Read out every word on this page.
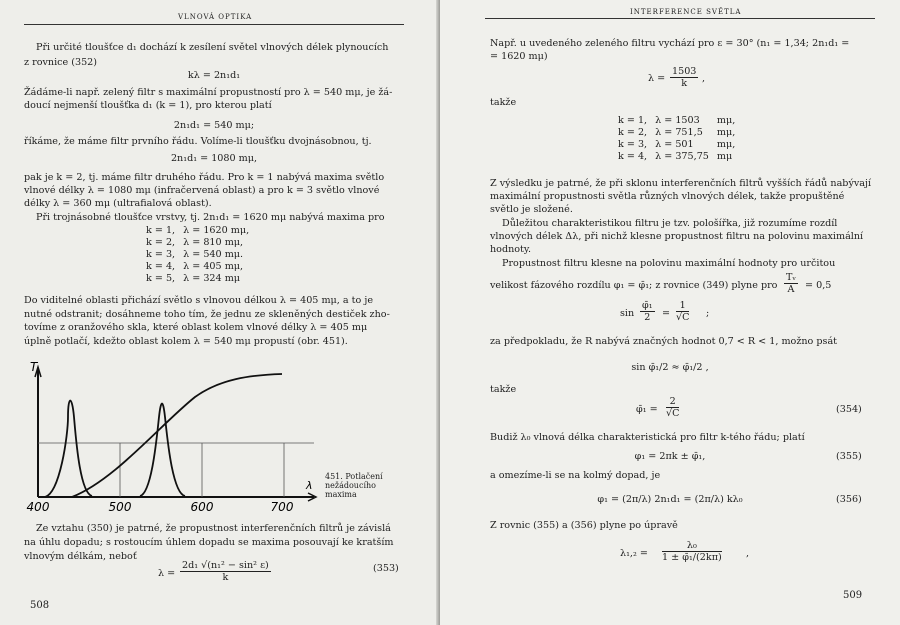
VLNOVÁ OPTIKA
Při určité tloušťce d₁ dochází k zesílení světel vlnových délek plynoucích
z rovnice (352)
kλ = 2n₁d₁
Žádáme-li např. zelený filtr s maximální propustností pro λ = 540 mμ, je žá-
doucí nejmenší tloušťka d₁ (k = 1), pro kterou platí
2n₁d₁ = 540 mμ;
říkáme, že máme filtr prvního řádu. Volíme-li tloušťku dvojnásobnou, tj.
2n₁d₁ = 1080 mμ,
pak je k = 2, tj. máme filtr druhého řádu. Pro k = 1 nabývá maxima světlo
vlnové délky λ = 1080 mμ (infračervená oblast) a pro k = 3 světlo vlnové
délky λ = 360 mμ (ultrafialová oblast).
Při trojnásobné tloušťce vrstvy, tj. 2n₁d₁ = 1620 mμ nabývá maxima pro
k = 1,	λ = 1620 mμ,
k = 2,	λ = 810 mμ,
k = 3,	λ = 540 mμ.
k = 4,	λ = 405 mμ,
k = 5,	λ = 324 mμ
Do viditelné oblasti přichází světlo s vlnovou délkou λ = 405 mμ, a to je
nutné odstranit; dosáhneme toho tím, že jednu ze skleněných destiček zho-
tovíme z oranžového skla, které oblast kolem vlnové délky λ = 405 mμ
úplně potlačí, kdežto oblast kolem λ = 540 mμ propustí (obr. 451).
T
400	500	600	700
λ
451. Potlačení
nežádoucího
maxima
Ze vztahu (350) je patrné, že propustnost interferenčních filtrů je závislá
na úhlu dopadu; s rostoucím úhlem dopadu se maxima posouvají ke kratším
vlnovým délkám, neboť
$\lambda = \frac{\text{2d₁ √(n₁² − sin² ε)}}{k}$	(353)
508
INTERFERENCE SVĚTLA
Např. u uvedeného zeleného filtru vychází pro ε = 30° (n₁ = 1,34; 2n₁d₁ =
= 1620 mμ)
$\lambda = \frac{1503}{k}$ ,
takže
k = 1,	λ = 1503	mμ,
k = 2,	λ = 751,5	mμ,
k = 3,	λ = 501	mμ,
k = 4,	λ = 375,75	mμ
Z výsledku je patrné, že při sklonu interferenčních filtrů vyšších řádů nabývají
maximální propustnosti světla různých vlnových délek, takže propuštěné
světlo je složené.
Důležitou charakteristikou filtru je tzv. pološířka, již rozumíme rozdíl
vlnových délek Δλ, při nichž klesne propustnost filtru na polovinu maximální
hodnoty.
Propustnost filtru klesne na polovinu maximální hodnoty pro určitou
velikost fázového rozdílu φ₁ = φ̄₁; z rovnice (349) plyne pro $\frac{\text{Tᵥ}}{A} = 0,5$
$\sin \frac{\text{φ̄₁}}{2} = \frac{1}{√C}$ ;
za předpokladu, že R nabývá značných hodnot 0,7 < R < 1, možno psát
sin φ̄₁/2 ≈ φ̄₁/2 ,
takže
φ̄₁ = $\frac{2}{√C}$	(354)
Budiž λ₀ vlnová délka charakteristická pro filtr k-tého řádu; platí
φ₁ = 2πk ± φ̄₁,	(355)
a omezíme-li se na kolmý dopad, je
φ₁ = (2π/λ) 2n₁d₁ = (2π/λ) kλ₀	(356)
Z rovnic (355) a (356) plyne po úpravě
$\lambda_1,_2 = \frac{\text{λ₀}}{\text{1 ± φ̄₁/(2kπ)}}$	,
509
